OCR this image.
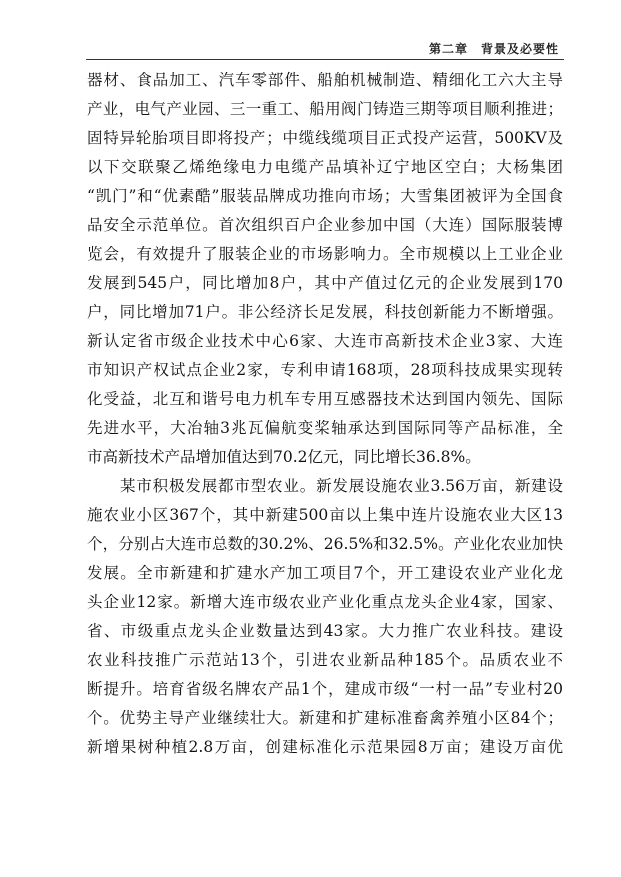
第二章　背景及必要性
器材、食品加工、汽车零部件、船舶机械制造、精细化工六大主导
产业，电气产业园、三一重工、船用阀门铸造三期等项目顺利推进；
固特异轮胎项目即将投产；中缆线缆项目正式投产运营，500KV及
以下交联聚乙烯绝缘电力电缆产品填补辽宁地区空白；大杨集团
“凯门”和“优素酷”服装品牌成功推向市场；大雪集团被评为全国食
品安全示范单位。首次组织百户企业参加中国（大连）国际服装博
览会，有效提升了服装企业的市场影响力。全市规模以上工业企业
发展到545户，同比增加8户，其中产值过亿元的企业发展到170
户，同比增加71户。非公经济长足发展，科技创新能力不断增强。
新认定省市级企业技术中心6家、大连市高新技术企业3家、大连
市知识产权试点企业2家，专利申请168项，28项科技成果实现转
化受益，北互和谐号电力机车专用互感器技术达到国内领先、国际
先进水平，大冶轴3兆瓦偏航变桨轴承达到国际同等产品标准，全
市高新技术产品增加值达到70.2亿元，同比增长36.8%。
某市积极发展都市型农业。新发展设施农业3.56万亩，新建设
施农业小区367个，其中新建500亩以上集中连片设施农业大区13
个，分别占大连市总数的30.2%、26.5%和32.5%。产业化农业加快
发展。全市新建和扩建水产加工项目7个，开工建设农业产业化龙
头企业12家。新增大连市级农业产业化重点龙头企业4家，国家、
省、市级重点龙头企业数量达到43家。大力推广农业科技。建设
农业科技推广示范站13个，引进农业新品种185个。品质农业不
断提升。培育省级名牌农产品1个，建成市级“一村一品”专业村20
个。优势主导产业继续壮大。新建和扩建标准畜禽养殖小区84个；
新增果树种植2.8万亩，创建标准化示范果园8万亩；建设万亩优
